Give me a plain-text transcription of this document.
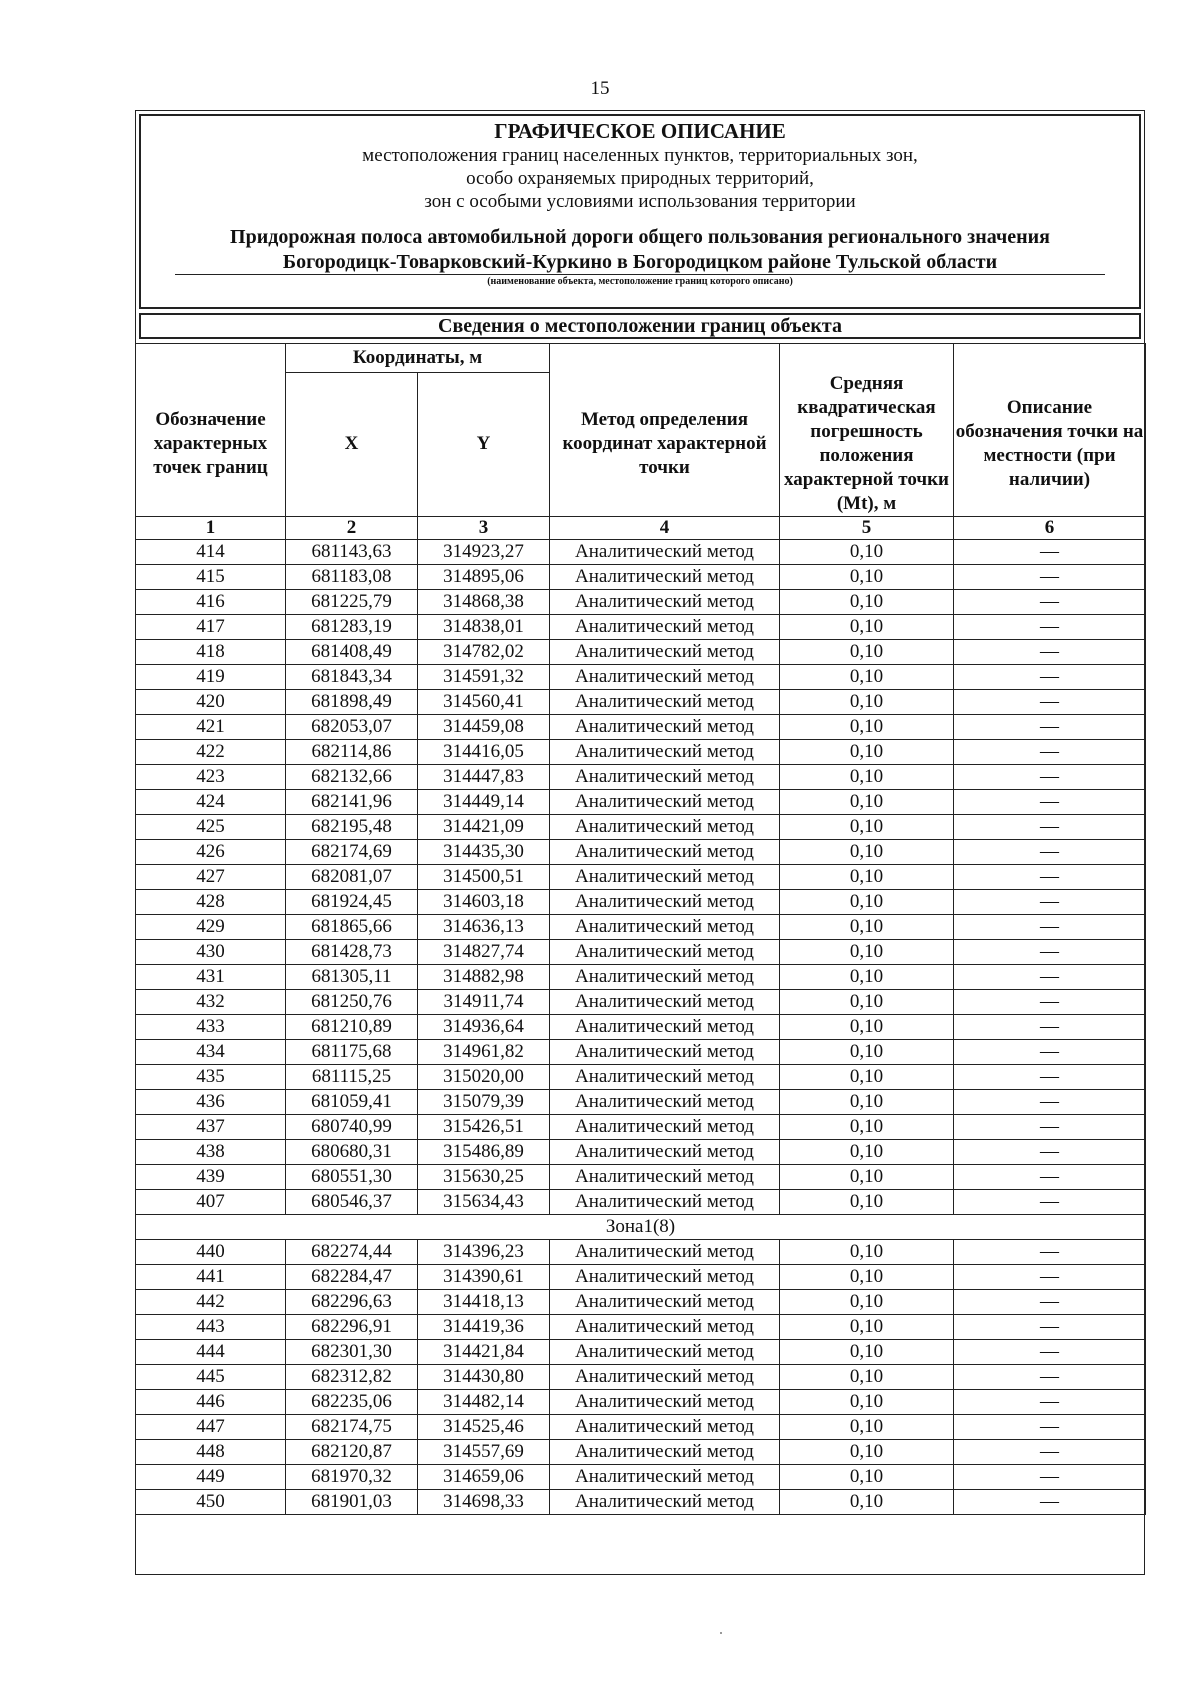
15
ГРАФИЧЕСКОЕ ОПИСАНИЕ
местоположения границ населенных пунктов, территориальных зон,
особо охраняемых природных территорий,
зон с особыми условиями использования территории
Придорожная полоса автомобильной дороги общего пользования регионального значения
Богородицк-Товарковский-Куркино в Богородицком районе Тульской области
(наименование объекта, местоположение границ которого описано)
Сведения о местоположении границ объекта
	Координаты, м				
Обозначение характерных точек границ	X	Y	Метод определения координат характерной точки	Средняя квадратическая погрешность положения характерной точки (Mt), м	Описание обозначения точки на местности (при наличии)
1	2	3	4	5	6
414	681143,63	314923,27	Аналитический метод	0,10	—
415	681183,08	314895,06	Аналитический метод	0,10	—
416	681225,79	314868,38	Аналитический метод	0,10	—
417	681283,19	314838,01	Аналитический метод	0,10	—
418	681408,49	314782,02	Аналитический метод	0,10	—
419	681843,34	314591,32	Аналитический метод	0,10	—
420	681898,49	314560,41	Аналитический метод	0,10	—
421	682053,07	314459,08	Аналитический метод	0,10	—
422	682114,86	314416,05	Аналитический метод	0,10	—
423	682132,66	314447,83	Аналитический метод	0,10	—
424	682141,96	314449,14	Аналитический метод	0,10	—
425	682195,48	314421,09	Аналитический метод	0,10	—
426	682174,69	314435,30	Аналитический метод	0,10	—
427	682081,07	314500,51	Аналитический метод	0,10	—
428	681924,45	314603,18	Аналитический метод	0,10	—
429	681865,66	314636,13	Аналитический метод	0,10	—
430	681428,73	314827,74	Аналитический метод	0,10	—
431	681305,11	314882,98	Аналитический метод	0,10	—
432	681250,76	314911,74	Аналитический метод	0,10	—
433	681210,89	314936,64	Аналитический метод	0,10	—
434	681175,68	314961,82	Аналитический метод	0,10	—
435	681115,25	315020,00	Аналитический метод	0,10	—
436	681059,41	315079,39	Аналитический метод	0,10	—
437	680740,99	315426,51	Аналитический метод	0,10	—
438	680680,31	315486,89	Аналитический метод	0,10	—
439	680551,30	315630,25	Аналитический метод	0,10	—
407	680546,37	315634,43	Аналитический метод	0,10	—
Зона1(8)					
440	682274,44	314396,23	Аналитический метод	0,10	—
441	682284,47	314390,61	Аналитический метод	0,10	—
442	682296,63	314418,13	Аналитический метод	0,10	—
443	682296,91	314419,36	Аналитический метод	0,10	—
444	682301,30	314421,84	Аналитический метод	0,10	—
445	682312,82	314430,80	Аналитический метод	0,10	—
446	682235,06	314482,14	Аналитический метод	0,10	—
447	682174,75	314525,46	Аналитический метод	0,10	—
448	682120,87	314557,69	Аналитический метод	0,10	—
449	681970,32	314659,06	Аналитический метод	0,10	—
450	681901,03	314698,33	Аналитический метод	0,10	—
